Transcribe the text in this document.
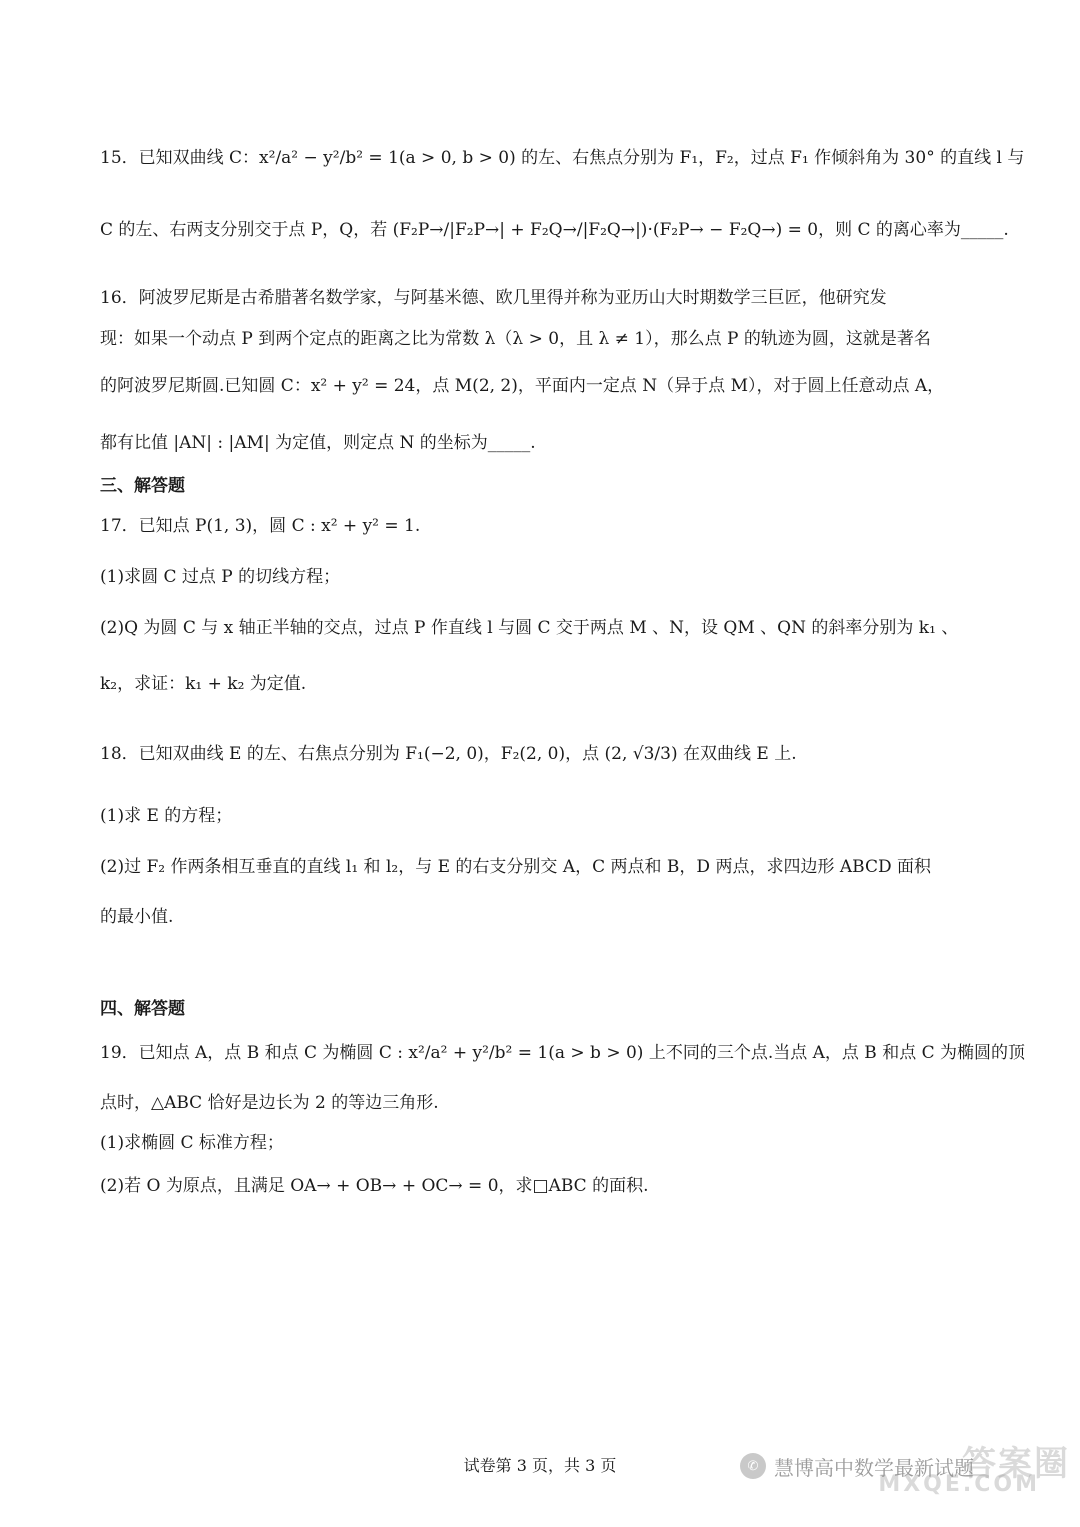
15．已知双曲线 C：x²/a² − y²/b² = 1(a > 0, b > 0) 的左、右焦点分别为 F₁，F₂，过点 F₁ 作倾斜角为 30° 的直线 l 与
C 的左、右两支分别交于点 P，Q，若 (F₂P→/|F₂P→| + F₂Q→/|F₂Q→|)·(F₂P→ − F₂Q→) = 0，则 C 的离心率为_____.
16．阿波罗尼斯是古希腊著名数学家，与阿基米德、欧几里得并称为亚历山大时期数学三巨匠，他研究发
现：如果一个动点 P 到两个定点的距离之比为常数 λ（λ > 0，且 λ ≠ 1），那么点 P 的轨迹为圆，这就是著名
的阿波罗尼斯圆.已知圆 C：x² + y² = 24，点 M(2, 2)，平面内一定点 N（异于点 M），对于圆上任意动点 A，
都有比值 |AN| : |AM| 为定值，则定点 N 的坐标为_____.
三、解答题
17．已知点 P(1, 3)，圆 C : x² + y² = 1.
(1)求圆 C 过点 P 的切线方程；
(2)Q 为圆 C 与 x 轴正半轴的交点，过点 P 作直线 l 与圆 C 交于两点 M 、N，设 QM 、QN 的斜率分别为 k₁ 、
k₂，求证：k₁ + k₂ 为定值.
18．已知双曲线 E 的左、右焦点分别为 F₁(−2, 0)，F₂(2, 0)，点 (2, √3/3) 在双曲线 E 上.
(1)求 E 的方程；
(2)过 F₂ 作两条相互垂直的直线 l₁ 和 l₂，与 E 的右支分别交 A，C 两点和 B，D 两点，求四边形 ABCD 面积
的最小值.
四、解答题
19．已知点 A，点 B 和点 C 为椭圆 C : x²/a² + y²/b² = 1(a > b > 0) 上不同的三个点.当点 A，点 B 和点 C 为椭圆的顶
点时，△ABC 恰好是边长为 2 的等边三角形.
(1)求椭圆 C 标准方程；
(2)若 O 为原点，且满足 OA→ + OB→ + OC→ = 0，求□ABC 的面积.
试卷第 3 页，共 3 页	✆ 慧博高中数学最新试题
答案圈
MXQE.COM
